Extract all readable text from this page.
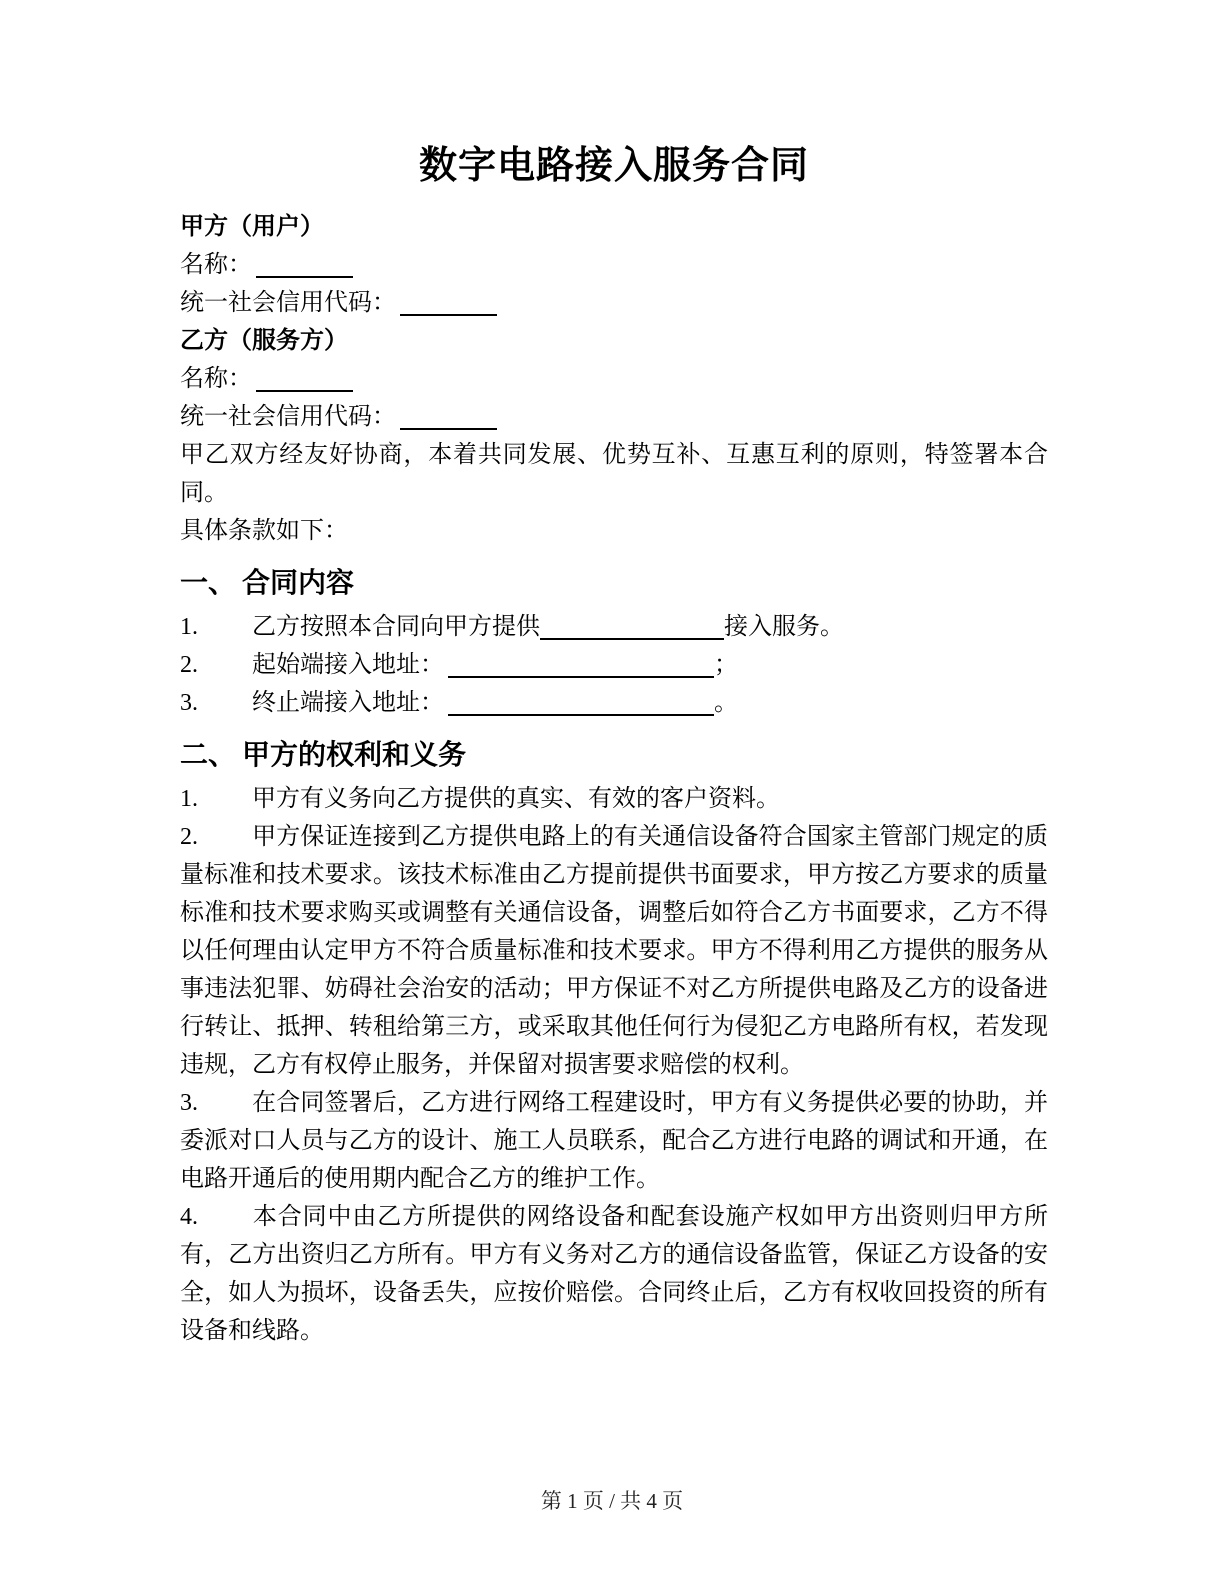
数字电路接入服务合同

甲方（用户）

名称：

统一社会信用代码：

乙方（服务方）

名称：

统一社会信用代码：

甲乙双方经友好协商，本着共同发展、优势互补、互惠互利的原则，特签署本合同。

具体条款如下：

一、 合同内容

1. 乙方按照本合同向甲方提供	接入服务。

2. 起始端接入地址：	；

3. 终止端接入地址：	。

二、 甲方的权利和义务

1. 甲方有义务向乙方提供的真实、有效的客户资料。

2. 甲方保证连接到乙方提供电路上的有关通信设备符合国家主管部门规定的质量标准和技术要求。该技术标准由乙方提前提供书面要求，甲方按乙方要求的质量标准和技术要求购买或调整有关通信设备，调整后如符合乙方书面要求，乙方不得以任何理由认定甲方不符合质量标准和技术要求。甲方不得利用乙方提供的服务从事违法犯罪、妨碍社会治安的活动；甲方保证不对乙方所提供电路及乙方的设备进行转让、抵押、转租给第三方，或采取其他任何行为侵犯乙方电路所有权，若发现违规，乙方有权停止服务，并保留对损害要求赔偿的权利。

3. 在合同签署后，乙方进行网络工程建设时，甲方有义务提供必要的协助，并委派对口人员与乙方的设计、施工人员联系，配合乙方进行电路的调试和开通，在电路开通后的使用期内配合乙方的维护工作。

4. 本合同中由乙方所提供的网络设备和配套设施产权如甲方出资则归甲方所有，乙方出资归乙方所有。甲方有义务对乙方的通信设备监管，保证乙方设备的安全，如人为损坏，设备丢失，应按价赔偿。合同终止后，乙方有权收回投资的所有设备和线路。

第 1 页 / 共 4 页
